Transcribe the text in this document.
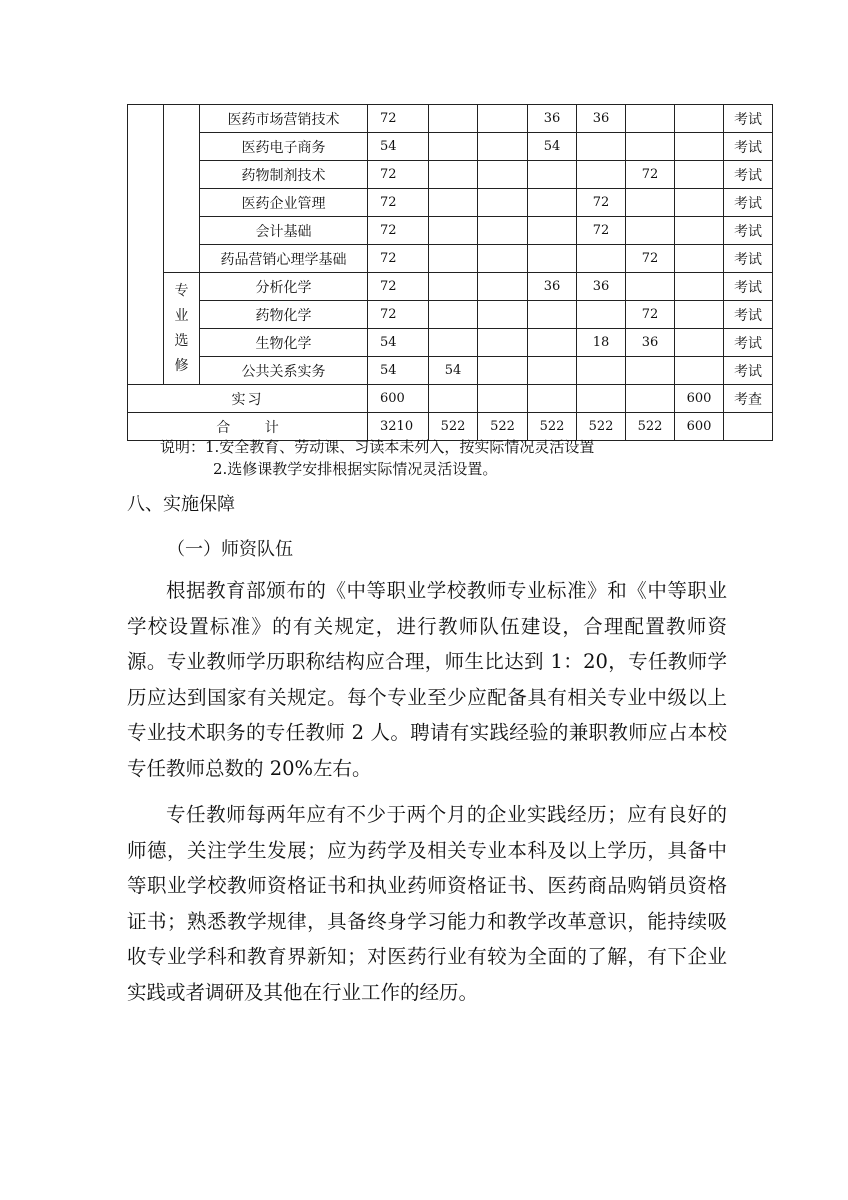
		医药市场营销技术	72			36	36			考试
		医药电子商务	54			54				考试
		药物制剂技术	72					72		考试
		医药企业管理	72				72			考试
		会计基础	72				72			考试
		药品营销心理学基础	72					72		考试

	专
业
选
修	分析化学	72			36	36			考试
		药物化学	72					72		考试
		生物化学	54				18	36		考试
		公共关系实务	54	54						考试
实习			600						600	考查
合 计			3210	522	522	522	522	522	600	
说明：1.安全教育、劳动课、习读本未列入，按实际情况灵活设置
2.选修课教学安排根据实际情况灵活设置。
八、实施保障
（一）师资队伍

根据教育部颁布的《中等职业学校教师专业标准》和《中等职业学校设置标准》的有关规定，进行教师队伍建设，合理配置教师资源。专业教师学历职称结构应合理，师生比达到 1：20，专任教师学历应达到国家有关规定。每个专业至少应配备具有相关专业中级以上专业技术职务的专任教师 2 人。聘请有实践经验的兼职教师应占本校专任教师总数的 20%左右。

专任教师每两年应有不少于两个月的企业实践经历；应有良好的师德，关注学生发展；应为药学及相关专业本科及以上学历，具备中等职业学校教师资格证书和执业药师资格证书、医药商品购销员资格证书；熟悉教学规律，具备终身学习能力和教学改革意识，能持续吸收专业学科和教育界新知；对医药行业有较为全面的了解，有下企业实践或者调研及其他在行业工作的经历。
